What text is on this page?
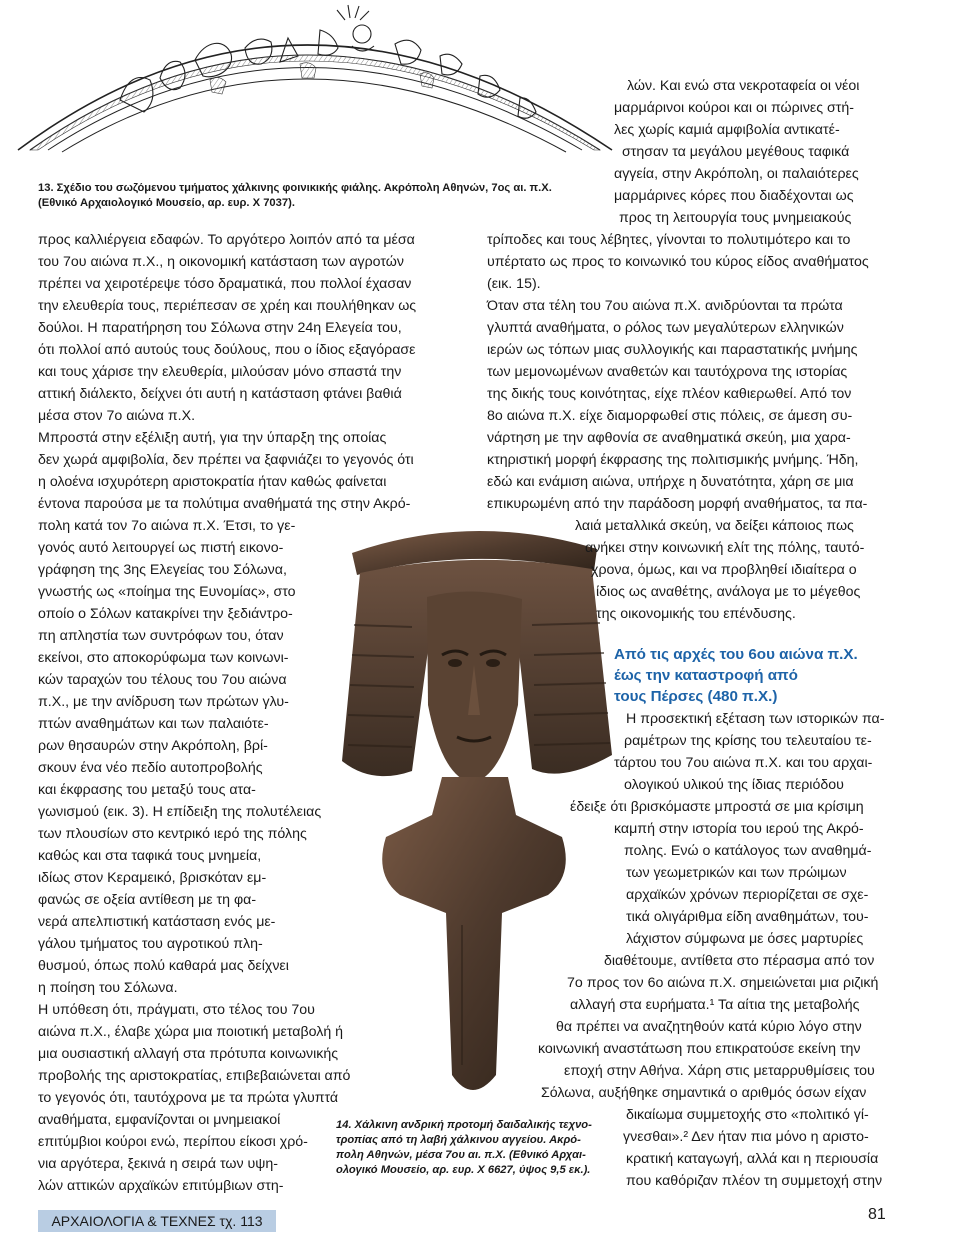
13. Σχέδιο του σωζόμενου τμήματος χάλκινης φοινικικής φιάλης. Ακρόπολη Αθηνών, 7ος αι. π.Χ.
(Εθνικό Αρχαιολογικό Μουσείο, αρ. ευρ. Χ 7037).
14. Χάλκινη ανδρική προτομή δαιδαλικής τεχνο-
τροπίας από τη λαβή χάλκινου αγγείου. Ακρό-
πολη Αθηνών, μέσα 7ου αι. π.Χ. (Εθνικό Αρχαι-
ολογικό Μουσείο, αρ. ευρ. Χ 6627, ύψος 9,5 εκ.).
προς καλλιέργεια εδαφών. Το αργότερο λοιπόν από τα μέσα
του 7ου αιώνα π.Χ., η οικονομική κατάσταση των αγροτών
πρέπει να χειροτέρεψε τόσο δραματικά, που πολλοί έχασαν
την ελευθερία τους, περιέπεσαν σε χρέη και πουλήθηκαν ως
δούλοι. Η παρατήρηση του Σόλωνα στην 24η Ελεγεία του,
ότι πολλοί από αυτούς τους δούλους, που ο ίδιος εξαγόρασε
και τους χάρισε την ελευθερία, μιλούσαν μόνο σπαστά την
αττική διάλεκτο, δείχνει ότι αυτή η κατάσταση φτάνει βαθιά
μέσα στον 7ο αιώνα π.Χ.
Μπροστά στην εξέλιξη αυτή, για την ύπαρξη της οποίας
δεν χωρά αμφιβολία, δεν πρέπει να ξαφνιάζει το γεγονός ότι
η ολοένα ισχυρότερη αριστοκρατία ήταν καθώς φαίνεται
έντονα παρούσα με τα πολύτιμα αναθήματά της στην Ακρό-
πολη κατά τον 7ο αιώνα π.Χ. Έτσι, το γε-
γονός αυτό λειτουργεί ως πιστή εικονο-
γράφηση της 3ης Ελεγείας του Σόλωνα,
γνωστής ως «ποίημα της Ευνομίας», στο
οποίο ο Σόλων κατακρίνει την ξεδιάντρο-
πη απληστία των συντρόφων του, όταν
εκείνοι, στο αποκορύφωμα των κοινωνι-
κών ταραχών του τέλους του 7ου αιώνα
π.Χ., με την ανίδρυση των πρώτων γλυ-
πτών αναθημάτων και των παλαιότε-
ρων θησαυρών στην Ακρόπολη, βρί-
σκουν ένα νέο πεδίο αυτοπροβολής
και έκφρασης του μεταξύ τους ατα-
γωνισμού (εικ. 3). Η επίδειξη της πολυτέλειας
των πλουσίων στο κεντρικό ιερό της πόλης
καθώς και στα ταφικά τους μνημεία,
ιδίως στον Κεραμεικό, βρισκόταν εμ-
φανώς σε οξεία αντίθεση με τη φα-
νερά απελπιστική κατάσταση ενός με-
γάλου τμήματος του αγροτικού πλη-
θυσμού, όπως πολύ καθαρά μας δείχνει
η ποίηση του Σόλωνα.
Η υπόθεση ότι, πράγματι, στο τέλος του 7ου
αιώνα π.Χ., έλαβε χώρα μια ποιοτική μεταβολή ή
μια ουσιαστική αλλαγή στα πρότυπα κοινωνικής
προβολής της αριστοκρατίας, επιβεβαιώνεται από
το γεγονός ότι, ταυτόχρονα με τα πρώτα γλυπτά
αναθήματα, εμφανίζονται οι μνημειακοί
επιτύμβιοι κούροι ενώ, περίπου είκοσι χρό-
νια αργότερα, ξεκινά η σειρά των υψη-
λών αττικών αρχαϊκών επιτύμβιων στη-
λών. Και ενώ στα νεκροταφεία οι νέοι
μαρμάρινοι κούροι και οι πώρινες στή-
λες χωρίς καμιά αμφιβολία αντικατέ-
στησαν τα μεγάλου μεγέθους ταφικά
αγγεία, στην Ακρόπολη, οι παλαιότερες
μαρμάρινες κόρες που διαδέχονται ως
προς τη λειτουργία τους μνημειακούς
τρίποδες και τους λέβητες, γίνονται το πολυτιμότερο και το
υπέρτατο ως προς το κοινωνικό του κύρος είδος αναθήματος
(εικ. 15).
Όταν στα τέλη του 7ου αιώνα π.Χ. ανιδρύονται τα πρώτα
γλυπτά αναθήματα, ο ρόλος των μεγαλύτερων ελληνικών
ιερών ως τόπων μιας συλλογικής και παραστατικής μνήμης
των μεμονωμένων αναθετών και ταυτόχρονα της ιστορίας
της δικής τους κοινότητας, είχε πλέον καθιερωθεί. Από τον
8ο αιώνα π.Χ. είχε διαμορφωθεί στις πόλεις, σε άμεση συ-
νάρτηση με την αφθονία σε αναθηματικά σκεύη, μια χαρα-
κτηριστική μορφή έκφρασης της πολιτισμικής μνήμης. Ήδη,
εδώ και ενάμιση αιώνα, υπήρχε η δυνατότητα, χάρη σε μια
επικυρωμένη από την παράδοση μορφή αναθήματος, τα πα-
λαιά μεταλλικά σκεύη, να δείξει κάποιος πως
ανήκει στην κοινωνική ελίτ της πόλης, ταυτό-
χρονα, όμως, και να προβληθεί ιδιαίτερα ο
ίδιος ως αναθέτης, ανάλογα με το μέγεθος
της οικονομικής του επένδυσης.
Από τις αρχές του 6ου αιώνα π.Χ.
έως την καταστροφή από
τους Πέρσες (480 π.Χ.)
Η προσεκτική εξέταση των ιστορικών πα-
ραμέτρων της κρίσης του τελευταίου τε-
τάρτου του 7ου αιώνα π.Χ. και του αρχαι-
ολογικού υλικού της ίδιας περιόδου
έδειξε ότι βρισκόμαστε μπροστά σε μια κρίσιμη
καμπή στην ιστορία του ιερού της Ακρό-
πολης. Ενώ ο κατάλογος των αναθημά-
των γεωμετρικών και των πρώιμων
αρχαϊκών χρόνων περιορίζεται σε σχε-
τικά ολιγάριθμα είδη αναθημάτων, του-
λάχιστον σύμφωνα με όσες μαρτυρίες
διαθέτουμε, αντίθετα στο πέρασμα από τον
7ο προς τον 6ο αιώνα π.Χ. σημειώνεται μια ριζική
αλλαγή στα ευρήματα.¹ Τα αίτια της μεταβολής
θα πρέπει να αναζητηθούν κατά κύριο λόγο στην
κοινωνική αναστάτωση που επικρατούσε εκείνη την
εποχή στην Αθήνα. Χάρη στις μεταρρυθμίσεις του
Σόλωνα, αυξήθηκε σημαντικά ο αριθμός όσων είχαν
δικαίωμα συμμετοχής στο «πολιτικό γί-
γνεσθαι».² Δεν ήταν πια μόνο η αριστο-
κρατική καταγωγή, αλλά και η περιουσία
που καθόριζαν πλέον τη συμμετοχή στην
ΑΡΧΑΙΟΛΟΓΙΑ & ΤΕΧΝΕΣ τχ. 113	81
